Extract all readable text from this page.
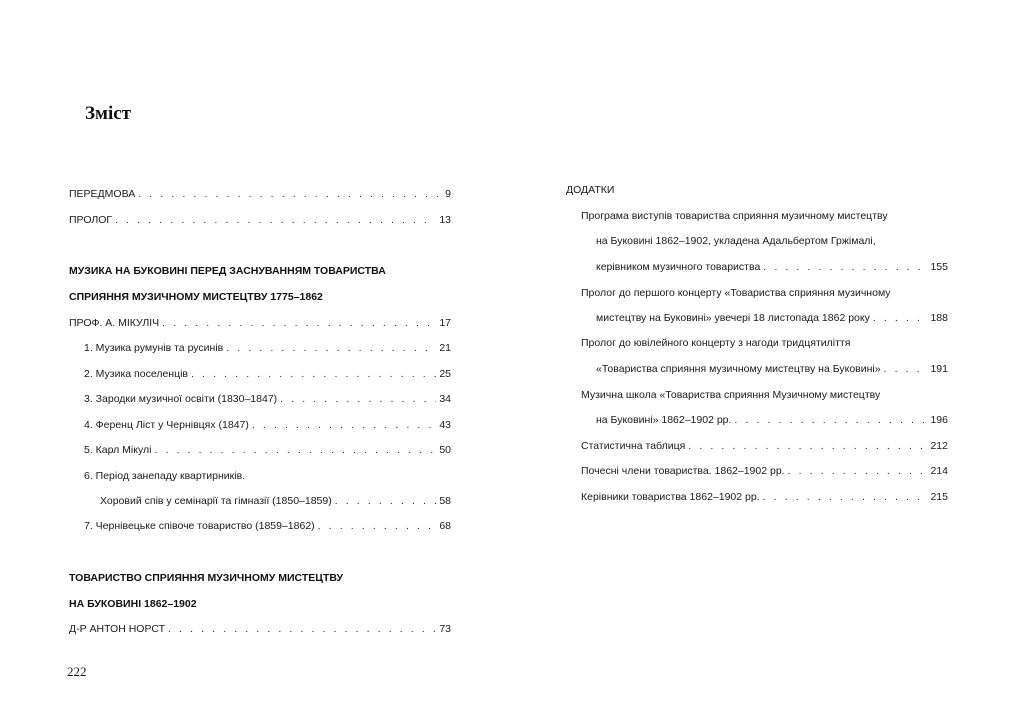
Зміст
ПЕРЕДМОВА . . .	9
ПРОЛОГ . . .	13
МУЗИКА НА БУКОВИНІ ПЕРЕД ЗАСНУВАННЯМ ТОВАРИСТВА
СПРИЯННЯ МУЗИЧНОМУ МИСТЕЦТВУ 1775–1862
ПРОФ. А. МІКУЛІЧ . . .	17
1. Музика румунів та русинів . . .	21
2. Музика поселенців . . .	25
3. Зародки музичної освіти (1830–1847) . . .	34
4. Ференц Ліст у Чернівцях (1847) . . .	43
5. Карл Мікулі . . .	50
6. Період занепаду квартирників.
Хоровий спів у семінарії та гімназії (1850–1859) . . .	58
7. Чернівецьке співоче товариство (1859–1862) . . .	68
ТОВАРИСТВО СПРИЯННЯ МУЗИЧНОМУ МИСТЕЦТВУ
НА БУКОВИНІ 1862–1902
Д-Р АНТОН НОРСТ . . .	73
222
ДОДАТКИ
Програма виступів товариства сприяння музичному мистецтву
на Буковині 1862–1902, укладена Адальбертом Гржімалі,
керівником музичного товариства . . .	155
Пролог до першого концерту «Товариства сприяння музичному
мистецтву на Буковині» увечері 18 листопада 1862 року . . .	188
Пролог до ювілейного концерту з нагоди тридцятиліття
«Товариства сприяння музичному мистецтву на Буковині» . . .	191
Музична школа «Товариства сприяння Музичному мистецтву
на Буковині» 1862–1902 рр. . . .	196
Статистична таблиця . . .	212
Почесні члени товариства. 1862–1902 рр. . . .	214
Керівники товариства 1862–1902 рр. . . .	215
